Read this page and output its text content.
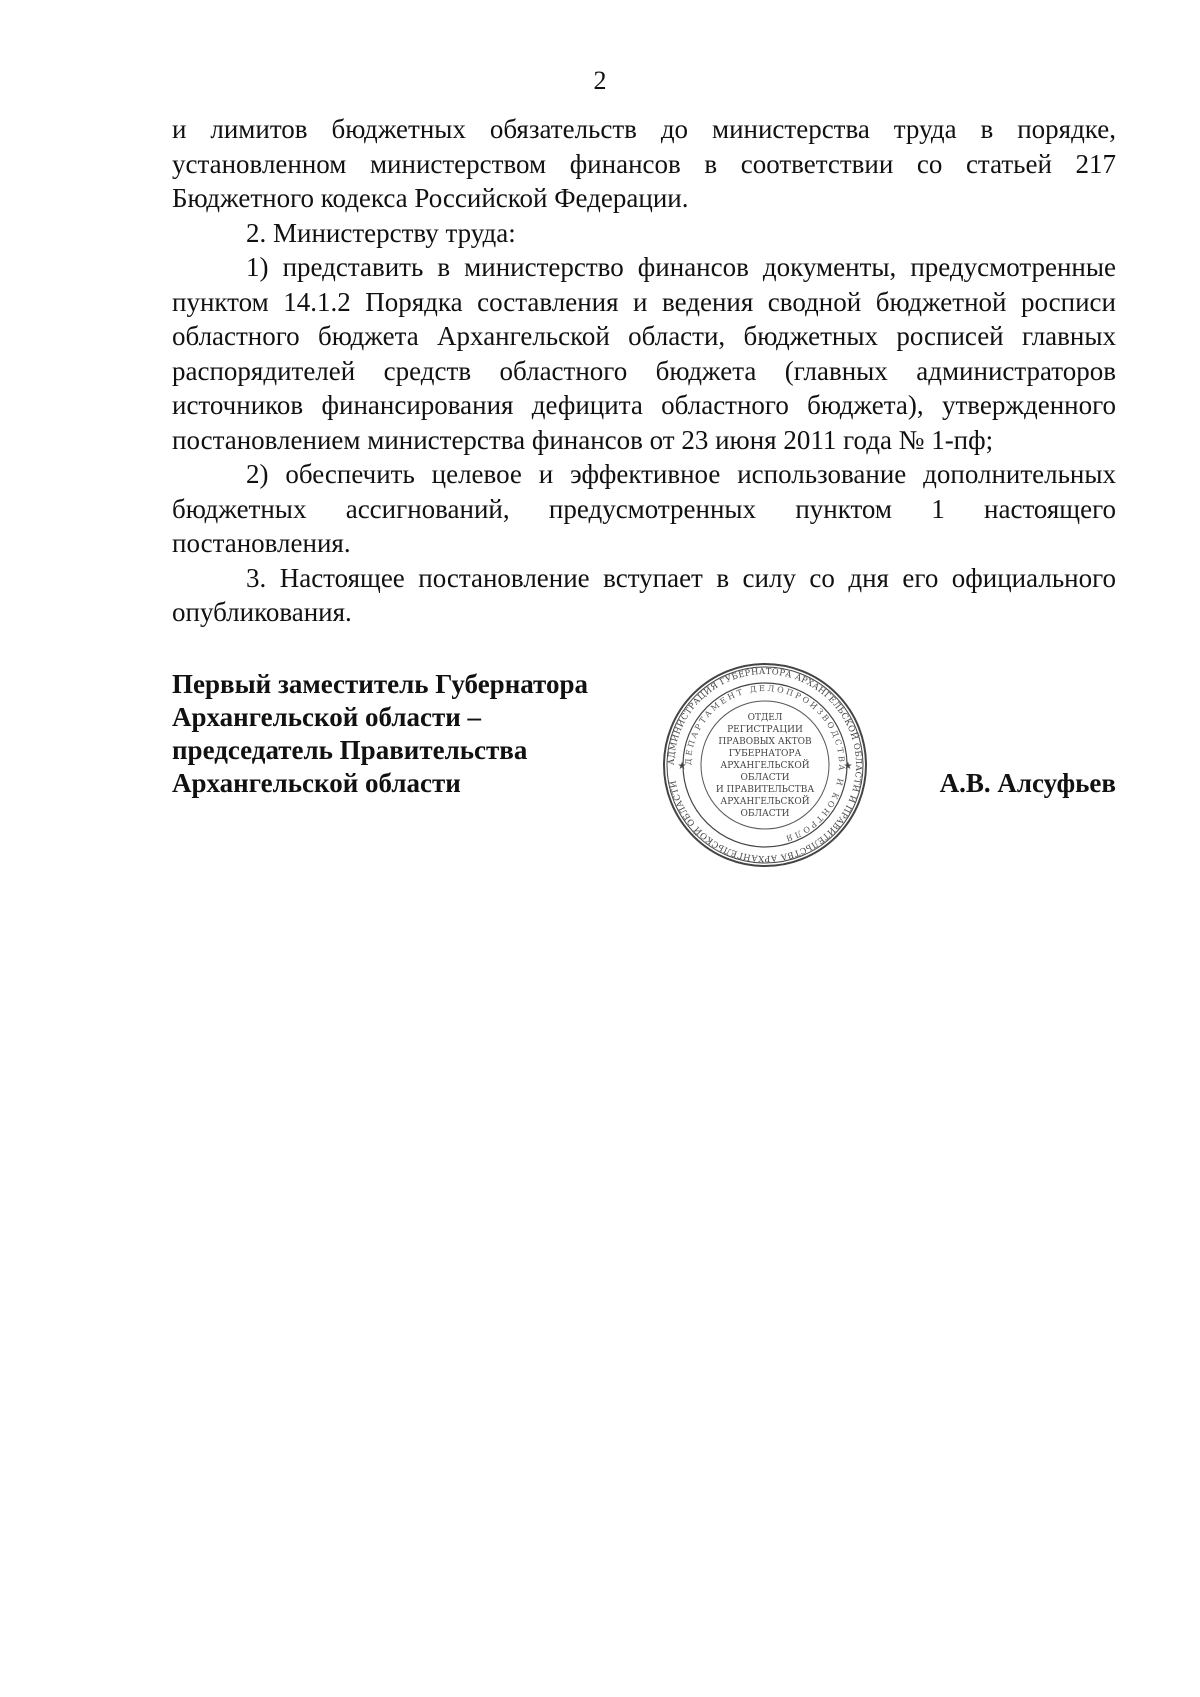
2

и лимитов бюджетных обязательств до министерства труда в порядке, установленном министерством финансов в соответствии со статьей 217 Бюджетного кодекса Российской Федерации.

2. Министерству труда:

1) представить в министерство финансов документы, предусмотренные пунктом 14.1.2 Порядка составления и ведения сводной бюджетной росписи областного бюджета Архангельской области, бюджетных росписей главных распорядителей средств областного бюджета (главных администраторов источников финансирования дефицита областного бюджета), утвержденного постановлением министерства финансов от 23 июня 2011 года № 1-пф;

2) обеспечить целевое и эффективное использование дополнительных бюджетных ассигнований, предусмотренных пунктом 1 настоящего постановления.

3. Настоящее постановление вступает в силу со дня его официального опубликования.

Первый заместитель Губернатора
Архангельской области –
председатель Правительства
Архангельской области
АДМИНИСТРАЦИЯ ГУБЕРНАТОРА АРХАНГЕЛЬСКОЙ ОБЛАСТИ И ПРАВИТЕЛЬСТВА АРХАНГЕЛЬСКОЙ ОБЛАСТИ
ДЕПАРТАМЕНТ ДЕЛОПРОИЗВОДСТВА И КОНТРОЛЯ
ОТДЕЛ
РЕГИСТРАЦИИ
ПРАВОВЫХ АКТОВ
ГУБЕРНАТОРА
АРХАНГЕЛЬСКОЙ
ОБЛАСТИ
И ПРАВИТЕЛЬСТВА
АРХАНГЕЛЬСКОЙ
ОБЛАСТИ
★	★
А.В. Алсуфьев
